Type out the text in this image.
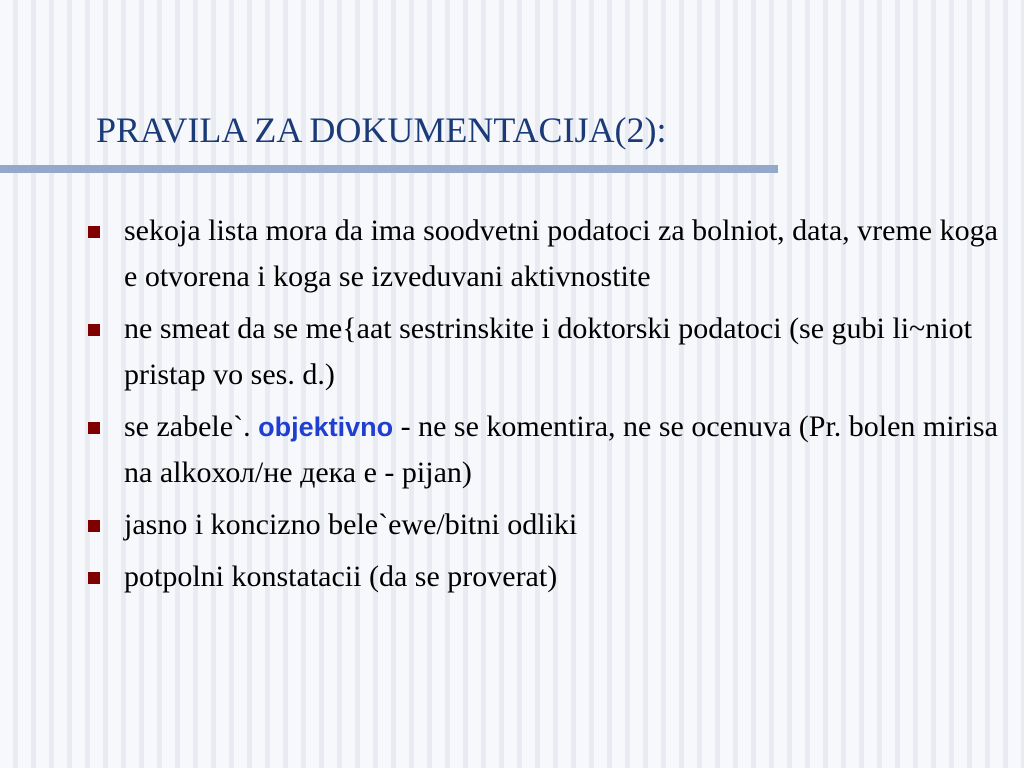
PRAVILA ZA DOKUMENTACIJA(2):
sekoja lista mora da ima soodvetni podatoci za bolniot, data, vreme koga e otvorena i koga se izveduvani aktivnostite
ne smeat da se me{aat sestrinskite i doktorski podatoci (se gubi li~niot pristap vo ses. d.)
se zabele`. objektivno - ne se komentira, ne se ocenuva (Pr. bolen mirisa na alkoхол/не дека е - pijan)
jasno i koncizno bele`ewe/bitni odliki
potpolni konstatacii (da se proverat)
